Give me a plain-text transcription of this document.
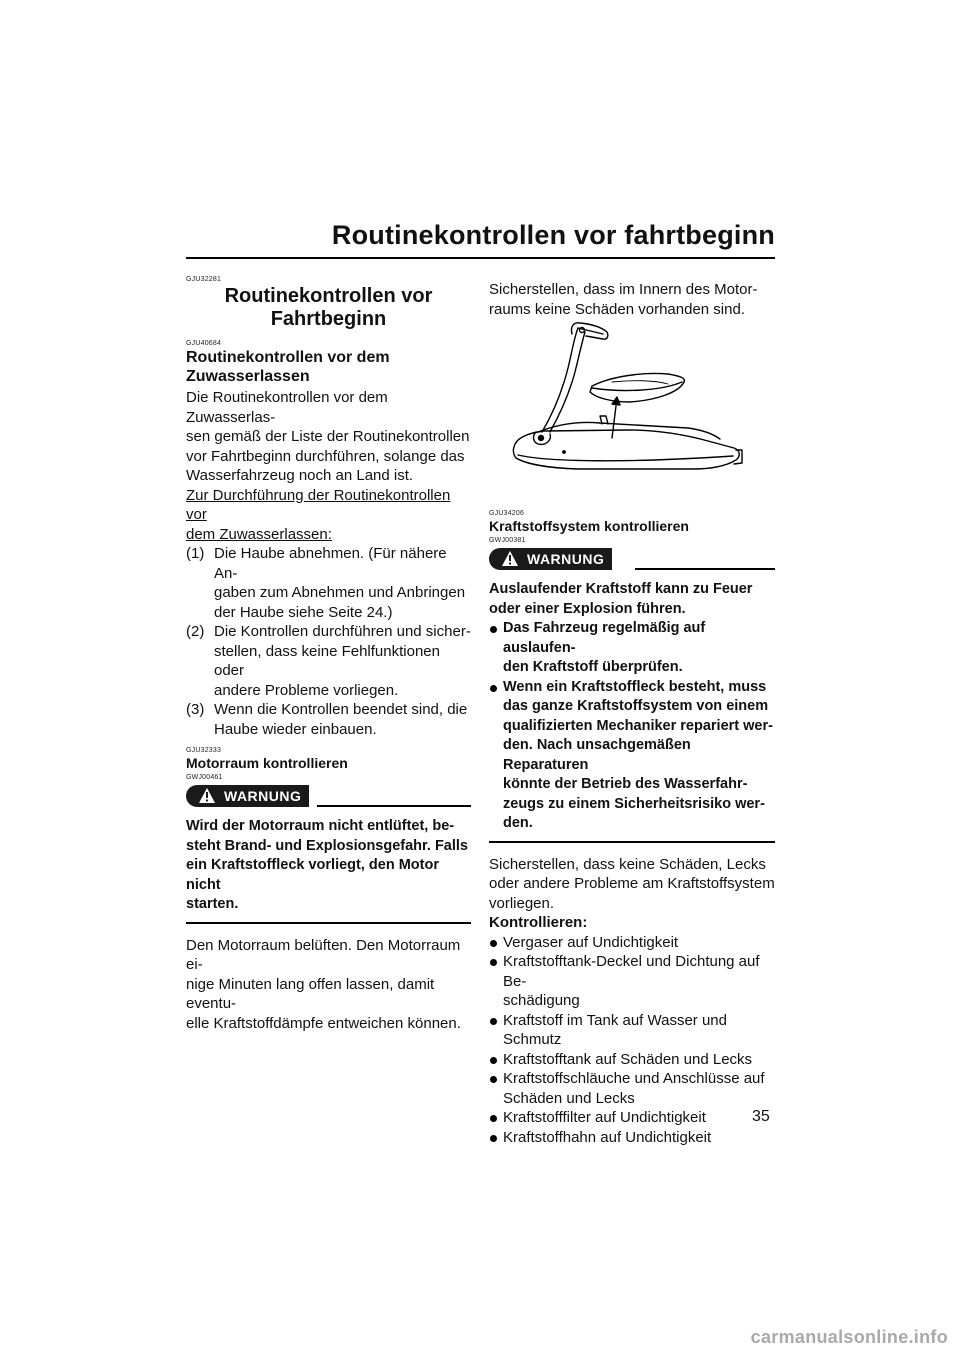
Routinekontrollen vor fahrtbeginn
GJU32281
Routinekontrollen vor
Fahrtbeginn
GJU40684
Routinekontrollen vor dem
Zuwasserlassen
Die Routinekontrollen vor dem Zuwasserlas-
sen gemäß der Liste der Routinekontrollen
vor Fahrtbeginn durchführen, solange das
Wasserfahrzeug noch an Land ist.
Zur Durchführung der Routinekontrollen vor
dem Zuwasserlassen:
(1) Die Haube abnehmen. (Für nähere An-
gaben zum Abnehmen und Anbringen
der Haube siehe Seite 24.)
(2) Die Kontrollen durchführen und sicher-
stellen, dass keine Fehlfunktionen oder
andere Probleme vorliegen.
(3) Wenn die Kontrollen beendet sind, die
Haube wieder einbauen.
GJU32333
Motorraum kontrollieren
GWJ00461
WARNUNG
Wird der Motorraum nicht entlüftet, be-
steht Brand- und Explosionsgefahr. Falls
ein Kraftstoffleck vorliegt, den Motor nicht
starten.
Den Motorraum belüften. Den Motorraum ei-
nige Minuten lang offen lassen, damit eventu-
elle Kraftstoffdämpfe entweichen können.
Sicherstellen, dass im Innern des Motor-
raums keine Schäden vorhanden sind.
GJU34206
Kraftstoffsystem kontrollieren
GWJ00381
WARNUNG
Auslaufender Kraftstoff kann zu Feuer
oder einer Explosion führen.
Das Fahrzeug regelmäßig auf auslaufen-
den Kraftstoff überprüfen.
Wenn ein Kraftstoffleck besteht, muss
das ganze Kraftstoffsystem von einem
qualifizierten Mechaniker repariert wer-
den. Nach unsachgemäßen Reparaturen
könnte der Betrieb des Wasserfahr-
zeugs zu einem Sicherheitsrisiko wer-
den.
Sicherstellen, dass keine Schäden, Lecks
oder andere Probleme am Kraftstoffsystem
vorliegen.
Kontrollieren:
Vergaser auf Undichtigkeit
Kraftstofftank-Deckel und Dichtung auf Be-
schädigung
Kraftstoff im Tank auf Wasser und Schmutz
Kraftstofftank auf Schäden und Lecks
Kraftstoffschläuche und Anschlüsse auf
Schäden und Lecks
Kraftstofffilter auf Undichtigkeit
Kraftstoffhahn auf Undichtigkeit
35
carmanualsonline.info
